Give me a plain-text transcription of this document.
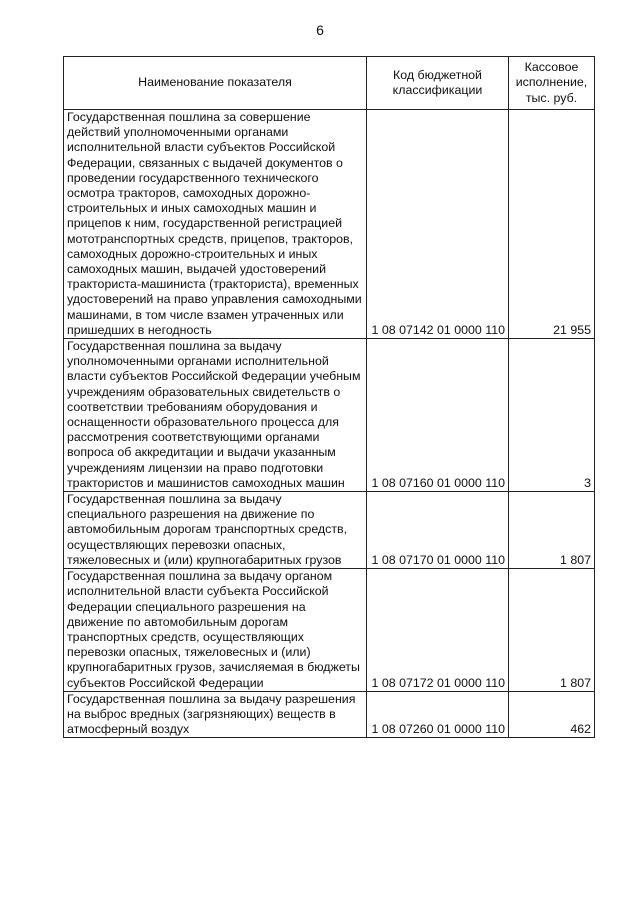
6
Наименование показателя	Код бюджетной классификации	Кассовое исполнение, тыс. руб.
Государственная пошлина за совершение действий уполномоченными органами исполнительной власти субъектов Российской Федерации, связанных с выдачей документов о проведении государственного технического осмотра тракторов, самоходных дорожно-строительных и иных самоходных машин и прицепов к ним, государственной регистрацией мототранспортных средств, прицепов, тракторов, самоходных дорожно-строительных и иных самоходных машин, выдачей удостоверений тракториста-машиниста (тракториста), временных удостоверений на право управления самоходными машинами, в том числе взамен утраченных или пришедших в негодность	1 08 07142 01 0000 110	21 955
Государственная пошлина за выдачу уполномоченными органами исполнительной власти субъектов Российской Федерации учебным учреждениям образовательных свидетельств о соответствии требованиям оборудования и оснащенности образовательного процесса для рассмотрения соответствующими органами вопроса об аккредитации и выдачи указанным учреждениям лицензии на право подготовки трактористов и машинистов самоходных машин	1 08 07160 01 0000 110	3
Государственная пошлина за выдачу специального разрешения на движение по автомобильным дорогам транспортных средств, осуществляющих перевозки опасных, тяжеловесных и (или) крупногабаритных грузов	1 08 07170 01 0000 110	1 807
Государственная пошлина за выдачу органом исполнительной власти субъекта Российской Федерации специального разрешения на движение по автомобильным дорогам транспортных средств, осуществляющих перевозки опасных, тяжеловесных и (или) крупногабаритных грузов, зачисляемая в бюджеты субъектов Российской Федерации	1 08 07172 01 0000 110	1 807
Государственная пошлина за выдачу разрешения на выброс вредных (загрязняющих) веществ в атмосферный воздух	1 08 07260 01 0000 110	462
